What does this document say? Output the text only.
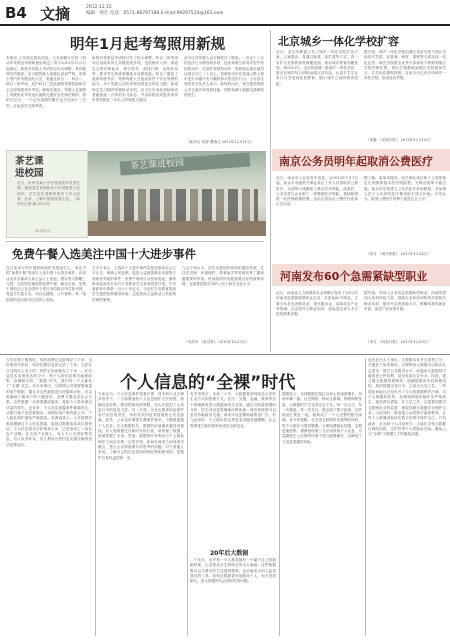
B4 文摘	2012.12.15
编辑：侯仕 电话：0571-86787188 E-mail:99297510@163.com
明年1月起考驾照用新规
本报讯 公安部交管局消息，公安部修订后的《机动车驾驶证申领和使用规定》将于2013年1月1日起施行。新规对驾驶人考试科目作出调整，考试难度有所提高，实习期驾驶人管理也更加严格。申领小型汽车驾驶证的人员，需通过科目一、科目二、科目三的考试，其中科目三包括道路驾驶技能和安全文明驾驶常识考试。新规实施后，驾驶人在道路上驾驶机动车时违反道路交通安全法律法规的，将依法记分，一个记分周期内累计记分达到十二分的，应参加学习和考试。
新规对驾驶证考试科目作了较大调整，科目二的考试项目由原来的几项增加到多项，包括倒车入库、坡道定点停车和起步、侧方停车、曲线行驶、直角转弯等，要求考生熟练掌握基本驾驶技能。科目三增加了夜间驾驶考试，考核驾驶人在夜间条件下安全驾驶的能力。对于驾驶人初次申领驾驶证后的实习期，新规规定实习期内驾驶机动车的，应当在车身后部粘贴或者悬挂统一式样的实习标志，并由持相应或更高准驾车型驾驶证三年以上的驾驶人陪同。
此外还对驾驶人记分制度作了修改，一次记十二分的违法行为增加到多项，包括驾驶与准驾车型不符的机动车、饮酒后驾驶机动车、驾驶营运客车超员达到百分之二十以上、驾驶机动车在高速公路上倒车逆行穿越中央分隔带掉头等违法行为。公安部交管局有关负责人表示，新规的出台，旨在提高驾驶人安全意识和驾驶技能，预防和减少道路交通事故的发生。
（新华社 吴涛 曹瑞元 2012年12月10日）
茶艺课
进校园
近日，杭州市某小学在校园里开设茶艺课，邀请茶艺老师给孩子们讲授茶文化知识，学生们在老师的指导下学习泡茶、品茶，了解中国传统茶文化。（新华社记者 摄 2012年
12月5日）
茶艺课进校园
免费午餐入选美注中国十大进步事件
在日前举行的中国民间组织发展论坛上，美注中国“免费午餐”等项目入选中国十大进步事件。该项目由多名媒体人和公益人士发起，倡议每天捐赠三元钱，为贫困学童提供免费午餐。截至目前，免费午餐项目已在全国多个省区市的数百所学校开餐，受益学生数万名。项目以透明、公开著称，每一笔捐款的去向都可以在网上查询。
主办方表示，入选的十大进步事件均是在推动社会公平正义、保障公民权利、促进公益慈善事业发展等方面取得突破的事件。免费午餐项目从民间发起，最终推动政府出台农村义务教育学生营养改善计划，中央财政每年拨款一百六十多亿元，为农村义务教育阶段学生提供营养膳食补助，这是民间公益推动公共政策的典型案例。
与会专家认为，近年来我国民间组织蓬勃发展，在扶贫济困、环境保护、教育助学等领域发挥了越来越重要的作用。民间组织的发展需要良好的政策环境，也需要提高自身的公信力和专业化水平。
（朱祥华 《新京报》 2012年12月3日）
北京城乡一体化学校扩容
近日，北京市教委公布了城乡一体化学校扩容方案。方案提出，将通过新建、改扩建等方式，进一步扩大优质教育资源覆盖面，推动城乡教育均衡发展。到2015年，全市将新增一批城乡一体化学校，重点在城乡结合部和远郊区县布局，让更多学生在家门口享受到优质教育，缩小城乡之间的教育差距。
据介绍，城乡一体化学校由城区优质学校与郊区学校结对共建，在管理、师资、课程等方面实现一体化运作。城区学校派出优秀干部和骨干教师到郊区学校任职任教，郊区学校教师到城区学校跟岗学习，共享优质课程资源。目前全市已有多所城乡一体化学校，取得良好效果。
（何鑫 《光明日报》 2012年12月10日）
南京公务员明年起取消公费医疗
近日，南京市人社局发布消息，从2013年1月1日起，南京市市级机关事业单位工作人员将取消公费医疗，全部纳入城镇职工基本医疗保险。改革后，公务员将与企业职工一样缴纳医疗保险，看病按照统一的医保政策报销，这标志着南京公费医疗改革正式启动。
据了解，改革实施后，机关事业单位和个人将按规定比例缴纳基本医疗保险费。为保证改革平稳过渡，南京市还将建立公务员医疗补助制度，对参保人员个人负担的医疗费用给予适当补助。专家认为，取消公费医疗有利于促进社会公平。
（蒋芳 《现代快报》 2012年12月4日）
河南发布60个急需紧缺型职业
近日，河南省人力资源和社会保障厅发布了2012年河南省急需紧缺型职业目录，共涉及60个职业，主要分布在先进制造业、现代服务业、高新技术产业等领域。目录将作为职业培训、技能鉴定和人才引进的重要依据。
据介绍，对列入目录的急需紧缺型职业，河南省将加大培训补贴力度，鼓励企业和培训机构开展相关职业培训，提高劳动者技能水平，缓解结构性就业矛盾，促进产业转型升级。
（李文 《河南日报》 2012年12月3日）
个人信息的“全裸”时代
当你在网上购物时，你的消费记录被保存了下来；当你使用手机时，你的位置信息被记录了下来；当你在社交网站上发言时，你的言论被保存了下来……在信息技术高度发达的今天，每个人的信息都可能被收集、存储和分析。“数据”时代，我们每一个人都处于“全裸”状态。有专家指出，互联网公司掌握着海量的用户数据，通过对这些数据进行挖掘和分析，可以准确地了解用户的兴趣爱好、消费习惯甚至社会关系。这些数据一旦被泄露或滥用，将给个人带来难以估量的损失。近年来，个人信息泄露事件频频发生，从银行客户信息被倒卖，到网站用户密码被公开，个人隐私保护面临严峻挑战。有调查显示，大多数网民都曾遭遇过个人信息泄露，接到过推销电话或垃圾短信。个人信息被非法收集和买卖，已经形成了一条灰色产业链。在这条产业链上，有人专门负责收集信息，有人负责转卖，有人利用这些信息实施诈骗等违法犯罪活动。
专家认为，个人信息保护需要法律、技术和行业自律多管齐下。一方面要加快个人信息保护立法进程，明确信息收集、使用的规则和界限，加大对侵犯个人信息行为的惩处力度；另一方面，企业也要承担起保护用户信息的责任，采取有效的技术措施防止信息泄露。此外，公众也应增强自我保护意识，不随意透露个人信息。在大数据时代，数据的价值越来越受到重视。有人将数据比作新时代的石油，谁掌握了数据，谁就掌握了未来。然而，数据的开发利用与个人隐私保护之间存在着一定的矛盾，如何在两者之间找到平衡点，是社会各界需要共同思考的问题。对于普通人来说，了解自己的信息是如何被收集和使用的，是保护自身权益的第一步。
有学者预言，未来二十年，大数据将深刻改变人们的生活方式和思维方式。医疗、交通、金融、教育等各个领域都将因大数据而发生变革。通过对海量数据的分析，医生可以更准确地诊断疾病，城市管理者可以更有效地疏导交通，商家可以更精准地推送广告。但与此同时，个人隐私的边界将变得越来越模糊，社会需要建立新的规则来适应这种变化。
20年后大数据
二十年后，也许每一个人都将拥有一个属于自己的数据档案，记录着从出生到现在的点点滴滴。这些数据既可以为我们的生活提供便利，也可能成为别人监视我们的工具。如何让数据更好地服务于人，而不是控制人，是大数据时代必须回答的问题。
数据显示，全球数据总量正以惊人的速度增长，每两年翻一番。社交网络、移动互联网、物联网的发展，让数据的产生变得无处不在。每一次点击、每一次搜索、每一次支付，都会留下数字痕迹。这些痕迹汇集在一起，就构成了一个人完整的数字画像。有专家提醒，在享受互联网带来便利的同时，每个人都应当提高警惕，合理设置隐私权限，定期更换密码，谨慎授权第三方应用获取个人信息，尽量避免在公共网络环境下进行敏感操作，以降低个人信息泄露的风险。
也有业内人士指出，大数据本身并无善恶之分，关键在于如何使用。合理利用大数据可以推动社会进步，提升公共服务水平；而滥用大数据则可能侵犯公民权利，甚至危害社会安全。因此，建立健全数据管理制度，明确数据所有权和使用权，规范数据交易行为，已成为当务之急。一些国家和地区已经出台了专门的数据保护法律，对个人数据的收集、处理和跨境传输作出严格规定，值得我们借鉴。在立法之外，还需要加强对互联网企业的监管，督促其履行数据安全保护义务。与此同时，要加强公众的数字素养教育，让每个人都懂得如何在数字世界中保护自己。只有政府、企业和个人共同努力，才能在享受大数据红利的同时，守护好每个人的隐私空间，避免人人“全裸”于数据之下的尴尬局面。
